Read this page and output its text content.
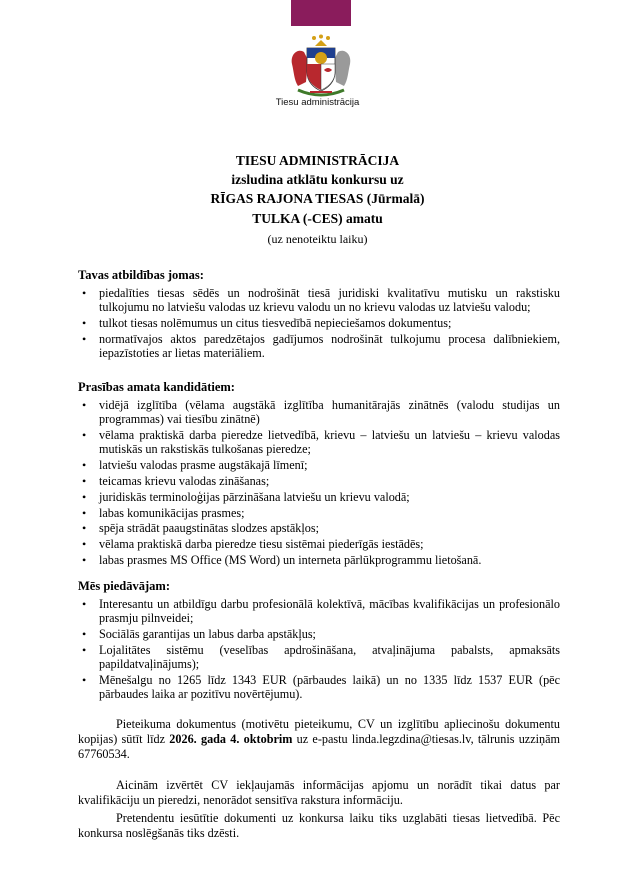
Tiesu administrācija
TIESU ADMINISTRĀCIJA
izsludina atklātu konkursu uz
RĪGAS RAJONA TIESAS (Jūrmalā)
TULKA (-CES) amatu
(uz nenoteiktu laiku)
Tavas atbildības jomas:
• piedalīties tiesas sēdēs un nodrošināt tiesā juridiski kvalitatīvu mutisku un rakstisku tulkojumu no latviešu valodas uz krievu valodu un no krievu valodas uz latviešu valodu;
• tulkot tiesas nolēmumus un citus tiesvedībā nepieciešamos dokumentus;
• normatīvajos aktos paredzētajos gadījumos nodrošināt tulkojumu procesa dalībniekiem, iepazīstoties ar lietas materiāliem.
Prasības amata kandidātiem:
• vidējā izglītība (vēlama augstākā izglītība humanitārajās zinātnēs (valodu studijas un programmas) vai tiesību zinātnē)
• vēlama praktiskā darba pieredze lietvedībā, krievu – latviešu un latviešu – krievu valodas mutiskās un rakstiskās tulkošanas pieredze;
• latviešu valodas prasme augstākajā līmenī;
• teicamas krievu valodas zināšanas;
• juridiskās terminoloģijas pārzināšana latviešu un krievu valodā;
• labas komunikācijas prasmes;
• spēja strādāt paaugstinātas slodzes apstākļos;
• vēlama praktiskā darba pieredze tiesu sistēmai piederīgās iestādēs;
• labas prasmes MS Office (MS Word) un interneta pārlūkprogrammu lietošanā.
Mēs piedāvājam:
• Interesantu un atbildīgu darbu profesionālā kolektīvā, mācības kvalifikācijas un profesionālo prasmju pilnveidei;
• Sociālās garantijas un labus darba apstākļus;
• Lojalitātes sistēmu (veselības apdrošināšana, atvaļinājuma pabalsts, apmaksāts papildatvaļinājums);
• Mēnešalgu no 1265 līdz 1343 EUR (pārbaudes laikā) un no 1335 līdz 1537 EUR (pēc pārbaudes laika ar pozitīvu novērtējumu).
Pieteikuma dokumentus (motivētu pieteikumu, CV un izglītību apliecinošu dokumentu kopijas) sūtīt līdz 2026. gada 4. oktobrim uz e-pastu linda.legzdina@tiesas.lv, tālrunis uzziņām 67760534.
Aicinām izvērtēt CV iekļaujamās informācijas apjomu un norādīt tikai datus par kvalifikāciju un pieredzi, nenorādot sensitīva rakstura informāciju.
Pretendentu iesūtītie dokumenti uz konkursa laiku tiks uzglabāti tiesas lietvedībā. Pēc konkursa noslēgšanās tiks dzēsti.
